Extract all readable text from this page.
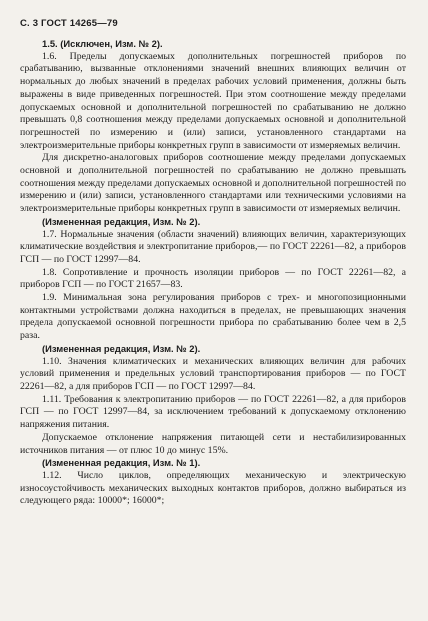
С. 3 ГОСТ 14265—79

1.5. (Исключен, Изм. № 2).

1.6. Пределы допускаемых дополнительных погрешностей приборов по срабатыванию, вызванные отклонениями значений внешних влияющих величин от нормальных до любых значений в пределах рабочих условий применения, должны быть выражены в виде приведенных погрешностей. При этом соотношение между пределами допускаемых основной и дополнительной погрешностей по срабатыванию не должно превышать 0,8 соотношения между пределами допускаемых основной и дополнительной погрешностей по измерению и (или) записи, установленного стандартами на электроизмерительные приборы конкретных групп в зависимости от измеряемых величин.

Для дискретно-аналоговых приборов соотношение между пределами допускаемых основной и дополнительной погрешностей по срабатыванию не должно превышать соотношения между пределами допускаемых основной и дополнительной погрешностей по измерению и (или) записи, установленного стандартами или техническими условиями на электроизмерительные приборы конкретных групп в зависимости от измеряемых величин.

(Измененная редакция, Изм. № 2).

1.7. Нормальные значения (области значений) влияющих величин, характеризующих климатические воздействия и электропитание приборов,— по ГОСТ 22261—82, а приборов ГСП — по ГОСТ 12997—84.

1.8. Сопротивление и прочность изоляции приборов — по ГОСТ 22261—82, а приборов ГСП — по ГОСТ 21657—83.

1.9. Минимальная зона регулирования приборов с трех- и многопозиционными контактными устройствами должна находиться в пределах, не превышающих значения предела допускаемой основной погрешности прибора по срабатыванию более чем в 2,5 раза.

(Измененная редакция, Изм. № 2).

1.10. Значения климатических и механических влияющих величин для рабочих условий применения и предельных условий транспортирования приборов — по ГОСТ 22261—82, а для приборов ГСП — по ГОСТ 12997—84.

1.11. Требования к электропитанию приборов — по ГОСТ 22261—82, а для приборов ГСП — по ГОСТ 12997—84, за исключением требований к допускаемому отклонению напряжения питания.

Допускаемое отклонение напряжения питающей сети и нестабилизированных источников питания — от плюс 10 до минус 15%.

(Измененная редакция, Изм. № 1).

1.12. Число циклов, определяющих механическую и электрическую износоустойчивость механических выходных контактов приборов, должно выбираться из следующего ряда: 10000*; 16000*;
